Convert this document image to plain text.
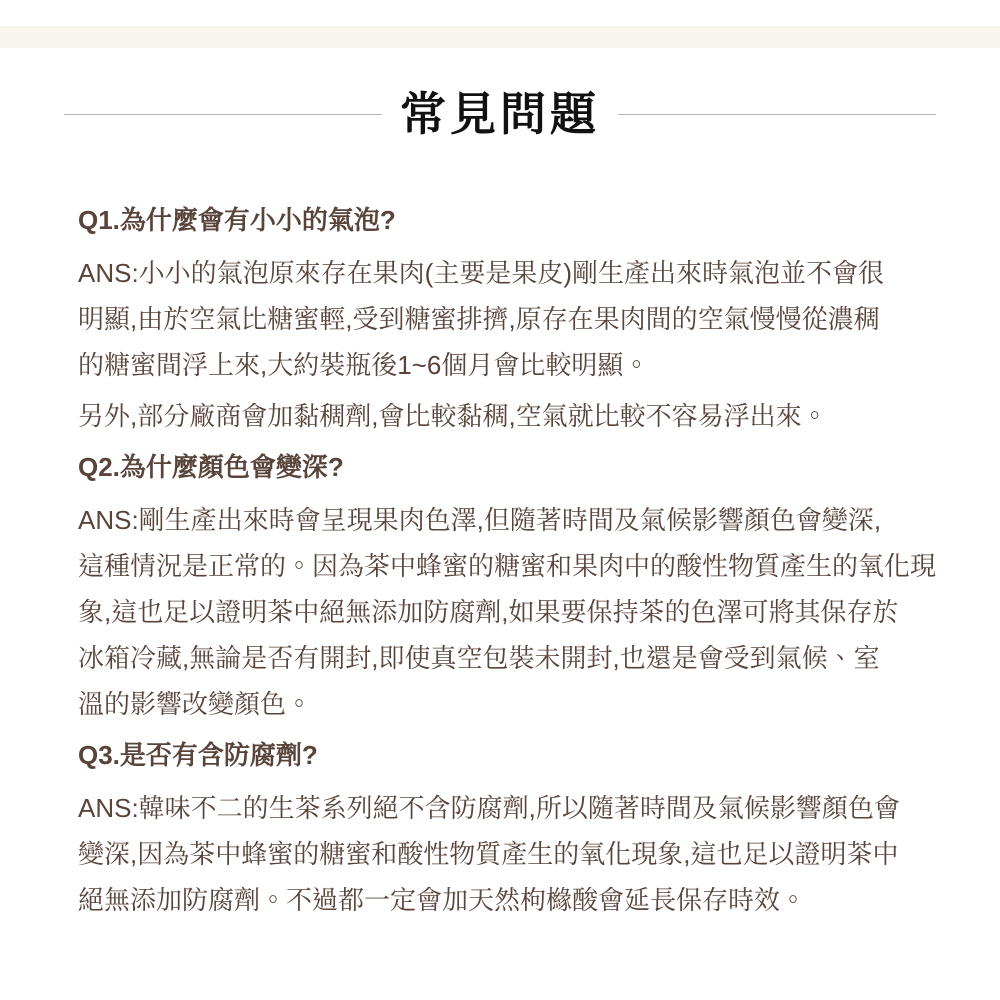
常見問題
Q1.為什麼會有小小的氣泡?

ANS:小小的氣泡原來存在果肉(主要是果皮)剛生產出來時氣泡並不會很

明顯,由於空氣比糖蜜輕,受到糖蜜排擠,原存在果肉間的空氣慢慢從濃稠

的糖蜜間浮上來,大約裝瓶後1~6個月會比較明顯。

另外,部分廠商會加黏稠劑,會比較黏稠,空氣就比較不容易浮出來。

Q2.為什麼顏色會變深?

ANS:剛生產出來時會呈現果肉色澤,但隨著時間及氣候影響顏色會變深,

這種情況是正常的。因為茶中蜂蜜的糖蜜和果肉中的酸性物質產生的氧化現

象,這也足以證明茶中絕無添加防腐劑,如果要保持茶的色澤可將其保存於

冰箱冷藏,無論是否有開封,即使真空包裝未開封,也還是會受到氣候、室

溫的影響改變顏色。

Q3.是否有含防腐劑?

ANS:韓味不二的生茶系列絕不含防腐劑,所以隨著時間及氣候影響顏色會

變深,因為茶中蜂蜜的糖蜜和酸性物質產生的氧化現象,這也足以證明茶中

絕無添加防腐劑。不過都一定會加天然枸櫞酸會延長保存時效。
